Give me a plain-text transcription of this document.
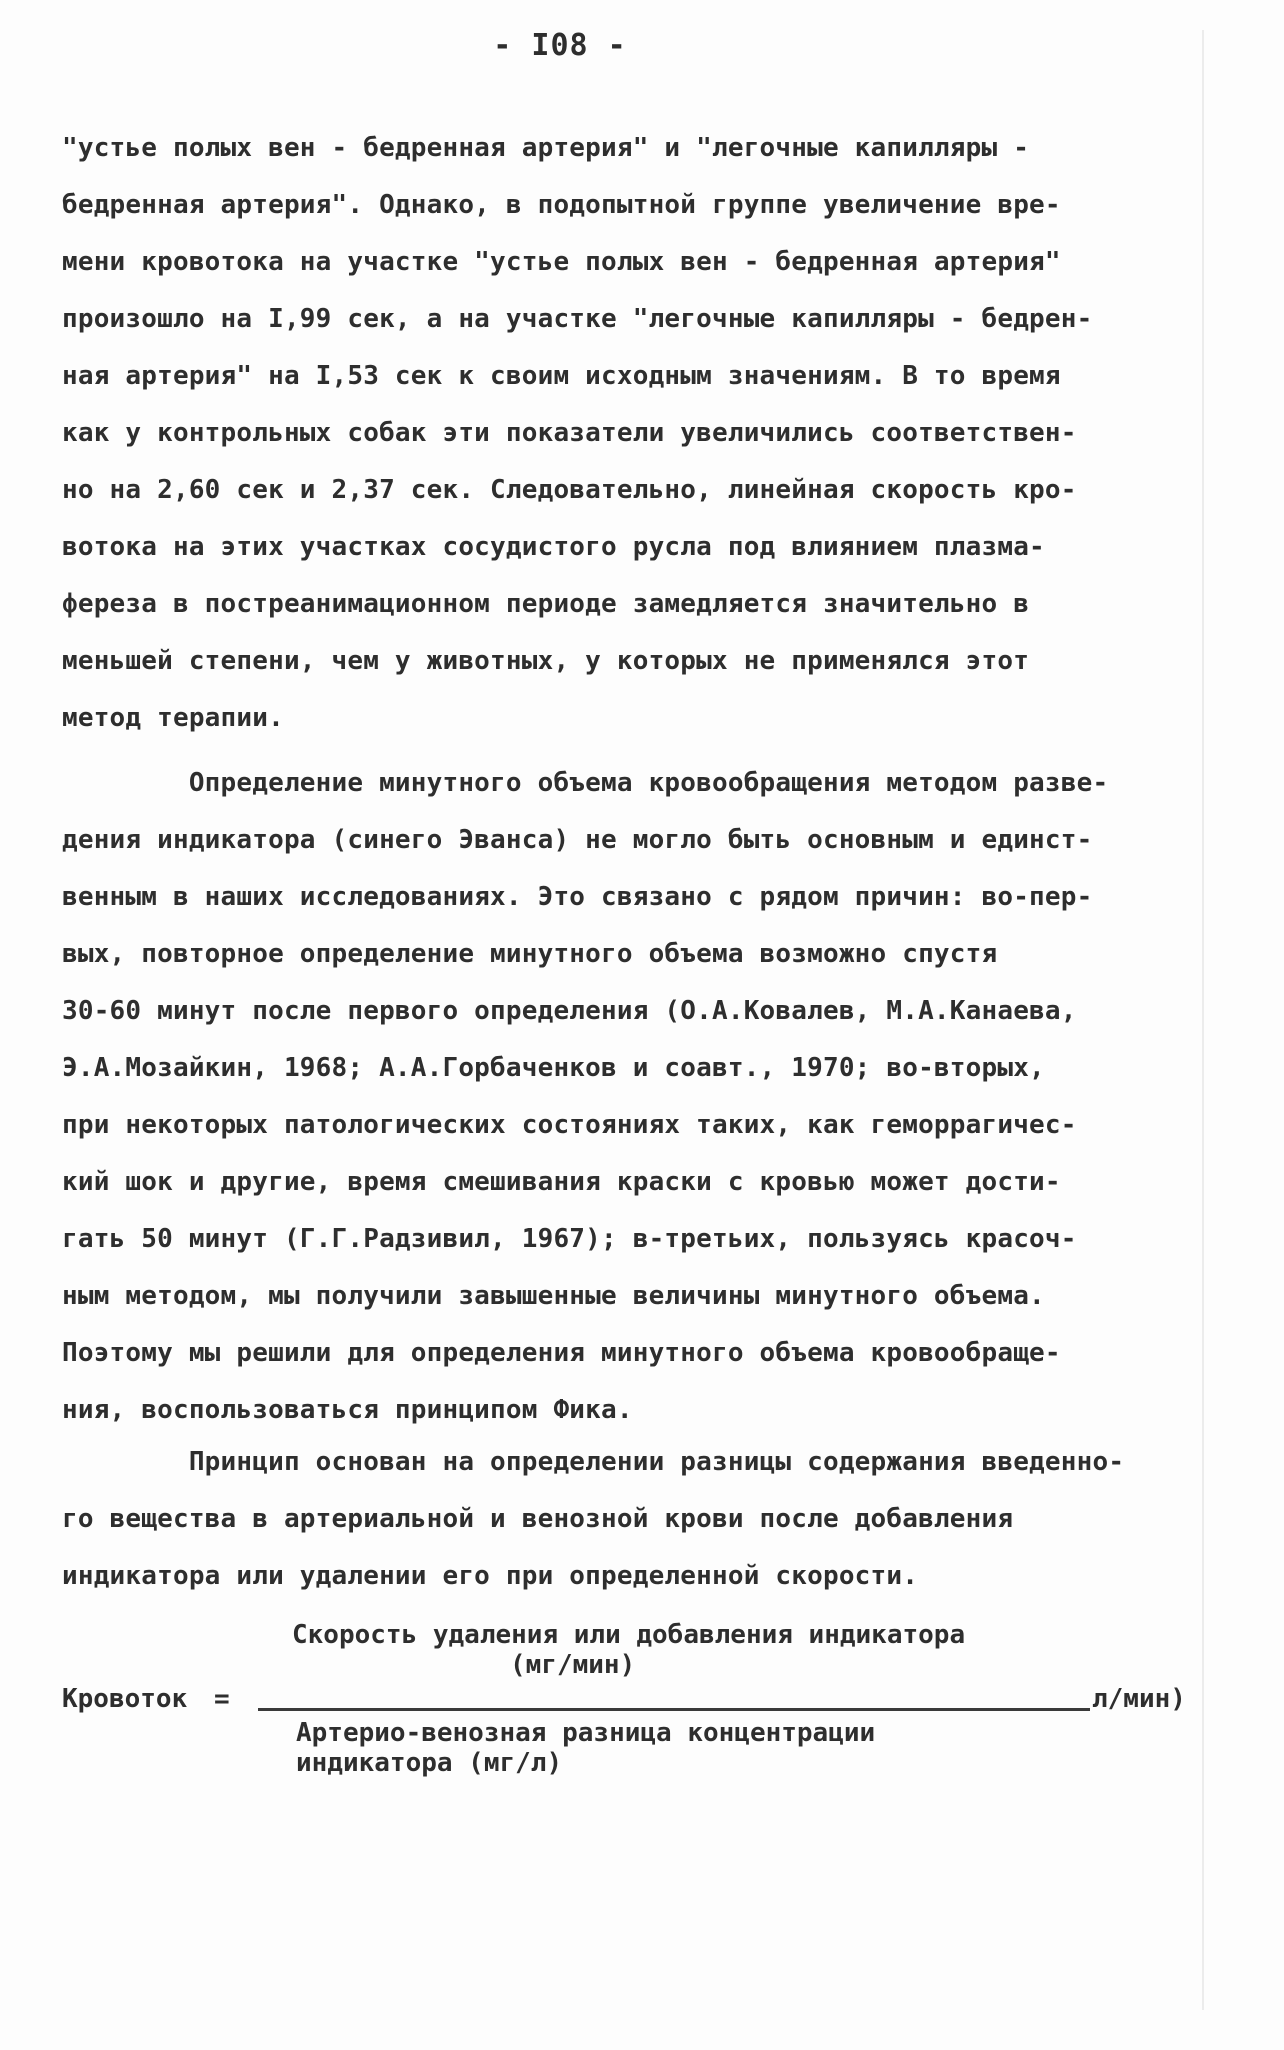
- I08 -
"устье полых вен - бедренная артерия" и "легочные капилляры -
бедренная артерия". Однако, в подопытной группе увеличение вре-
мени кровотока на участке "устье полых вен - бедренная артерия"
произошло на I,99 сек, а на участке "легочные капилляры - бедрен-
ная артерия" на I,53 сек к своим исходным значениям. В то время
как у контрольных собак эти показатели увеличились соответствен-
но на 2,60 сек и 2,37 сек. Следовательно, линейная скорость кро-
вотока на этих участках сосудистого русла под влиянием плазма-
фереза в постреанимационном периоде замедляется значительно в
меньшей степени, чем у животных, у которых не применялся этот
метод терапии.
Определение минутного объема кровообращения методом разве-
дения индикатора (синего Эванса) не могло быть основным и единст-
венным в наших исследованиях. Это связано с рядом причин: во-пер-
вых, повторное определение минутного объема возможно спустя
30-60 минут после первого определения (О.А.Ковалев, М.А.Канаева,
Э.А.Мозайкин, 1968; А.А.Горбаченков и соавт., 1970; во-вторых,
при некоторых патологических состояниях таких, как геморрагичес-
кий шок и другие, время смешивания краски с кровью может дости-
гать 50 минут (Г.Г.Радзивил, 1967); в-третьих, пользуясь красоч-
ным методом, мы получили завышенные величины минутного объема.
Поэтому мы решили для определения минутного объема кровообраще-
ния, воспользоваться принципом Фика.
Принцип основан на определении разницы содержания введенно-
го вещества в артериальной и венозной крови после добавления
индикатора или удалении его при определенной скорости.
Скорость удаления или добавления индикатора
(мг/мин)
Кровоток =	л/мин)
Артерио-венозная разница концентрации
индикатора (мг/л)
